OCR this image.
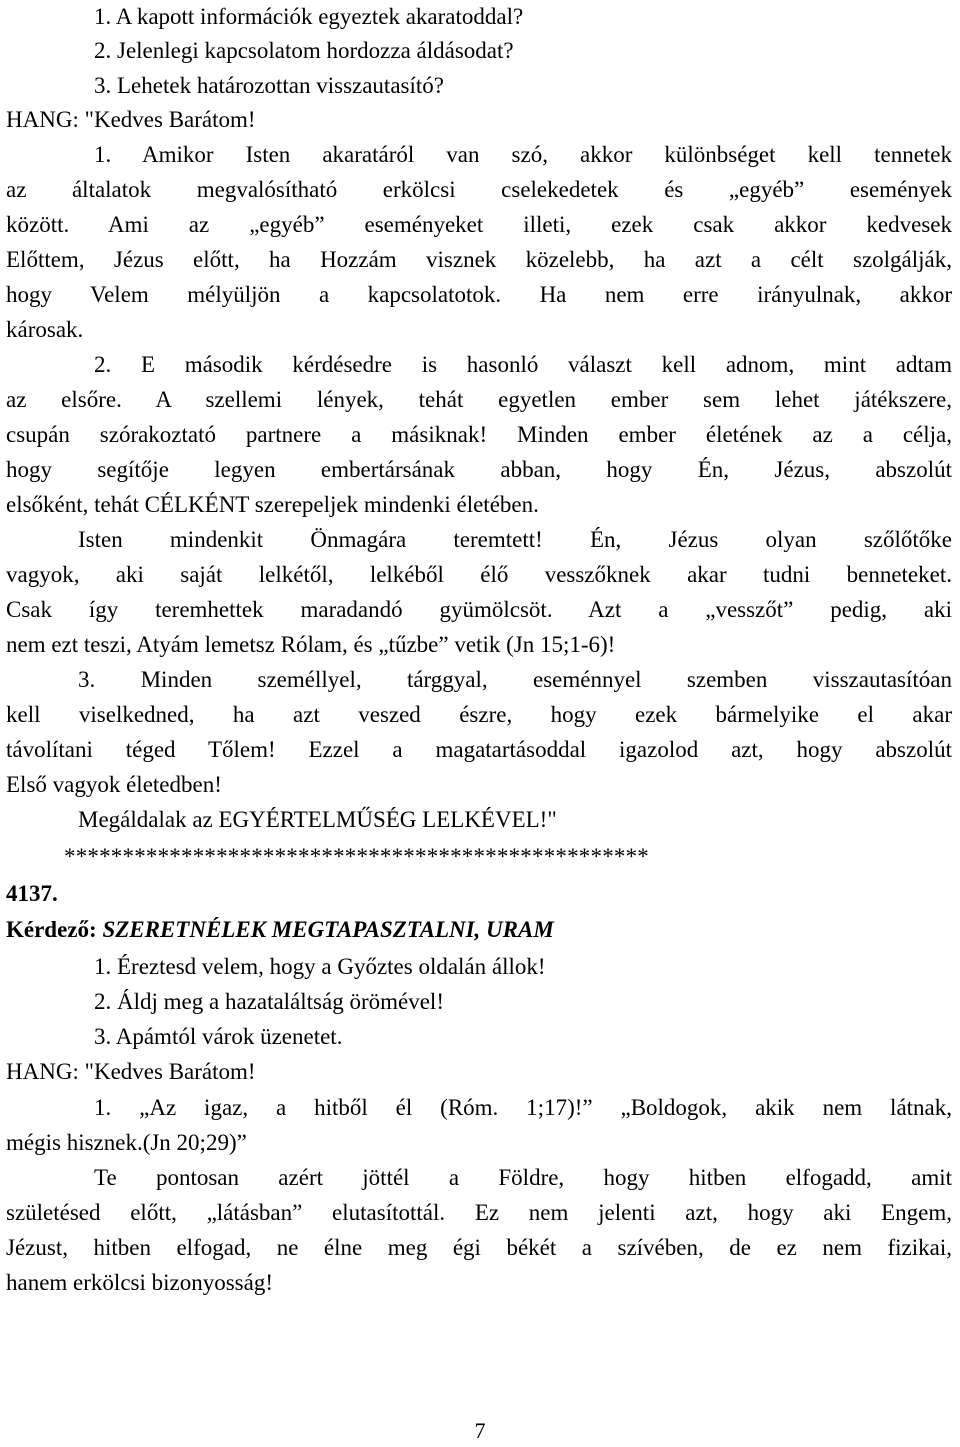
1. A kapott információk egyeztek akaratoddal?
2. Jelenlegi kapcsolatom hordozza áldásodat?
3. Lehetek határozottan visszautasító?
HANG: "Kedves Barátom!
1. Amikor Isten akaratáról van szó, akkor különbséget kell tennetek
az általatok megvalósítható erkölcsi cselekedetek és „egyéb” események
között. Ami az „egyéb” eseményeket illeti, ezek csak akkor kedvesek
Előttem, Jézus előtt, ha Hozzám visznek közelebb, ha azt a célt szolgálják,
hogy Velem mélyüljön a kapcsolatotok. Ha nem erre irányulnak, akkor
károsak.
2. E második kérdésedre is hasonló választ kell adnom, mint adtam
az elsőre. A szellemi lények, tehát egyetlen ember sem lehet játékszere,
csupán szórakoztató partnere a másiknak! Minden ember életének az a célja,
hogy segítője legyen embertársának abban, hogy Én, Jézus, abszolút
elsőként, tehát CÉLKÉNT szerepeljek mindenki életében.
Isten mindenkit Önmagára teremtett! Én, Jézus olyan szőlőtőke
vagyok, aki saját lelkétől, lelkéből élő vesszőknek akar tudni benneteket.
Csak így teremhettek maradandó gyümölcsöt. Azt a „vesszőt” pedig, aki
nem ezt teszi, Atyám lemetsz Rólam, és „tűzbe” vetik (Jn 15;1-6)!
3. Minden személlyel, tárggyal, eseménnyel szemben visszautasítóan
kell viselkedned, ha azt veszed észre, hogy ezek bármelyike el akar
távolítani téged Tőlem! Ezzel a magatartásoddal igazolod azt, hogy abszolút
Első vagyok életedben!
Megáldalak az EGYÉRTELMŰSÉG LELKÉVEL!"
**************************************************
4137.
Kérdező: SZERETNÉLEK MEGTAPASZTALNI, URAM
1. Éreztesd velem, hogy a Győztes oldalán állok!
2. Áldj meg a hazataláltság örömével!
3. Apámtól várok üzenetet.
HANG: "Kedves Barátom!
1. „Az igaz, a hitből él (Róm. 1;17)!” „Boldogok, akik nem látnak,
mégis hisznek.(Jn 20;29)”
Te pontosan azért jöttél a Földre, hogy hitben elfogadd, amit
születésed előtt, „látásban” elutasítottál. Ez nem jelenti azt, hogy aki Engem,
Jézust, hitben elfogad, ne élne meg égi békét a szívében, de ez nem fizikai,
hanem erkölcsi bizonyosság!
7
